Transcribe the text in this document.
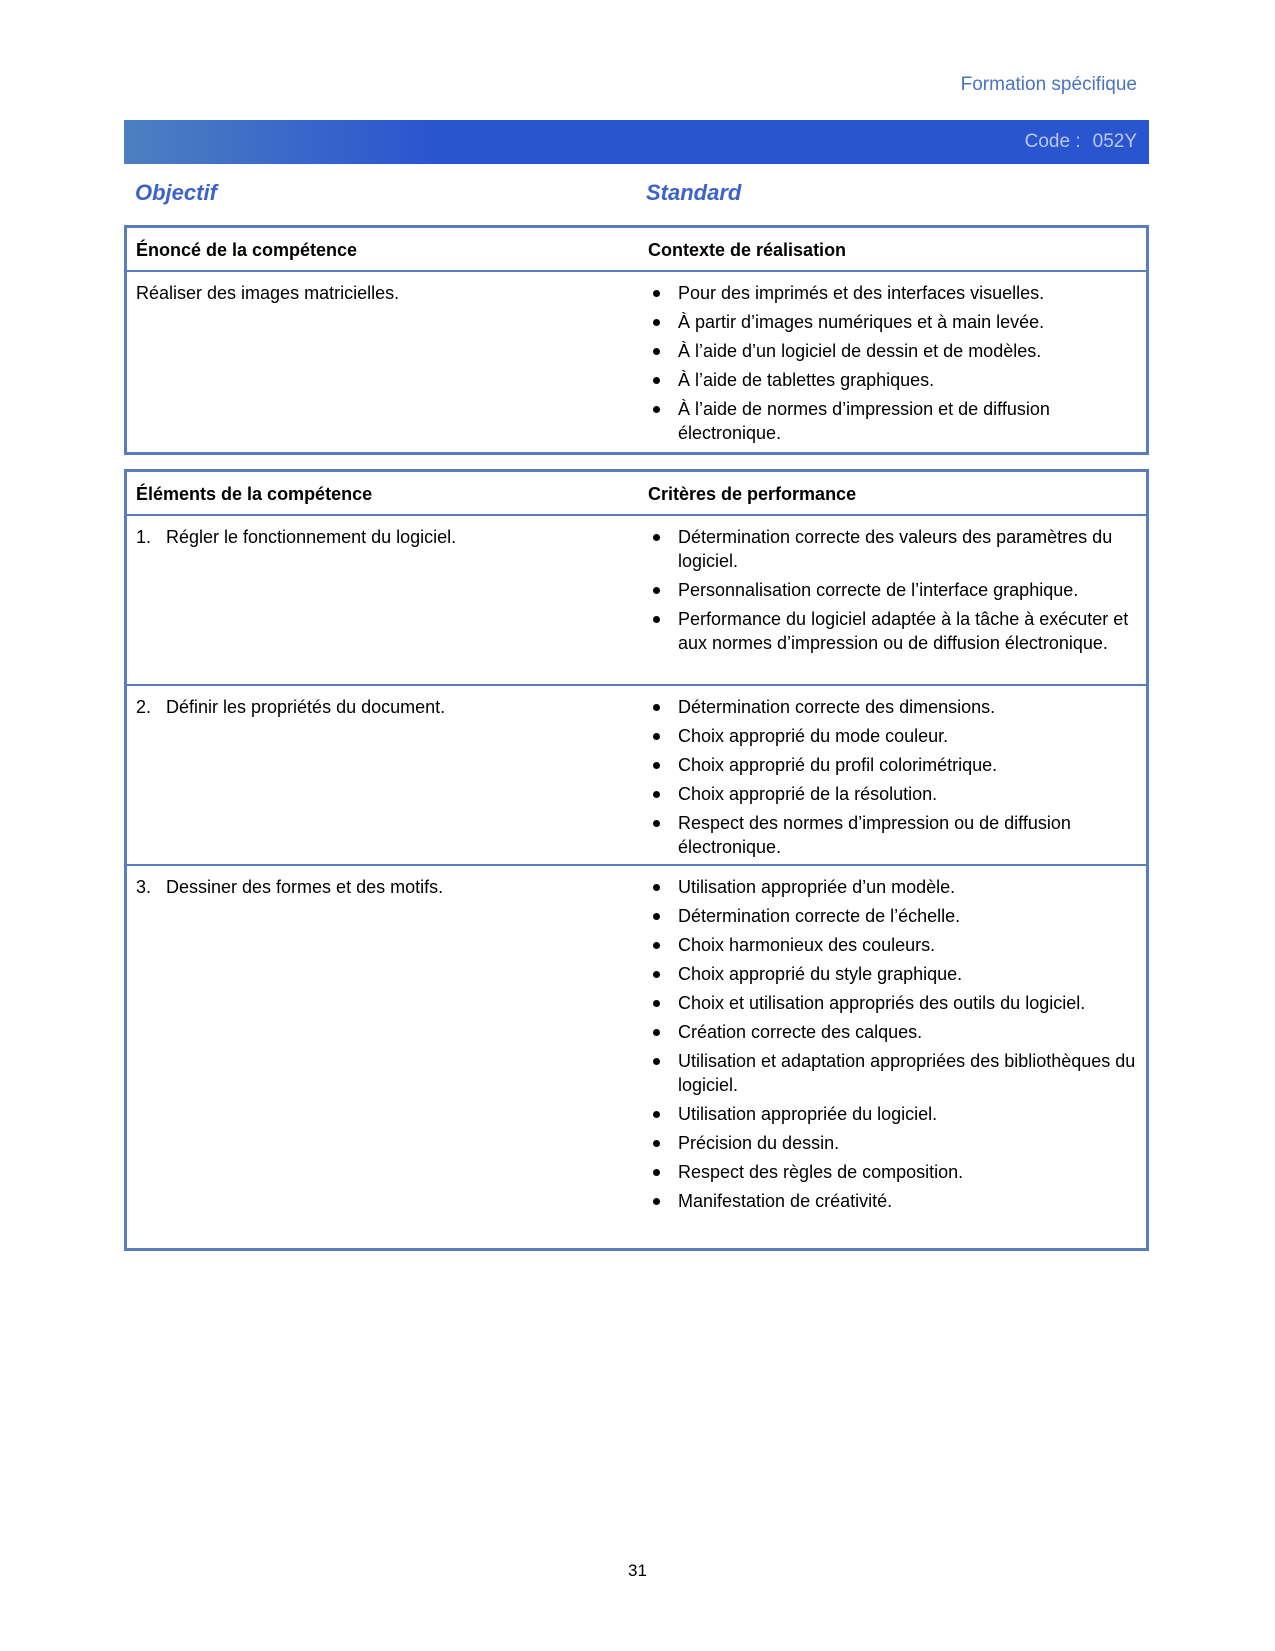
Formation spécifique
Code : 052Y
Objectif	Standard
Énoncé de la compétence	Contexte de réalisation
Réaliser des images matricielles.	Pour des imprimés et des interfaces visuelles.
À partir d’images numériques et à main levée.
À l’aide d’un logiciel de dessin et de modèles.
À l’aide de tablettes graphiques.
À l’aide de normes d’impression et de diffusion électronique.
Éléments de la compétence	Critères de performance
1. Régler le fonctionnement du logiciel.	Détermination correcte des valeurs des paramètres du logiciel.
Personnalisation correcte de l’interface graphique.
Performance du logiciel adaptée à la tâche à exécuter et aux normes d’impression ou de diffusion électronique.
2. Définir les propriétés du document.	Détermination correcte des dimensions.
Choix approprié du mode couleur.
Choix approprié du profil colorimétrique.
Choix approprié de la résolution.
Respect des normes d’impression ou de diffusion électronique.
3. Dessiner des formes et des motifs.	Utilisation appropriée d’un modèle.
Détermination correcte de l’échelle.
Choix harmonieux des couleurs.
Choix approprié du style graphique.
Choix et utilisation appropriés des outils du logiciel.
Création correcte des calques.
Utilisation et adaptation appropriées des bibliothèques du logiciel.
Utilisation appropriée du logiciel.
Précision du dessin.
Respect des règles de composition.
Manifestation de créativité.
31
